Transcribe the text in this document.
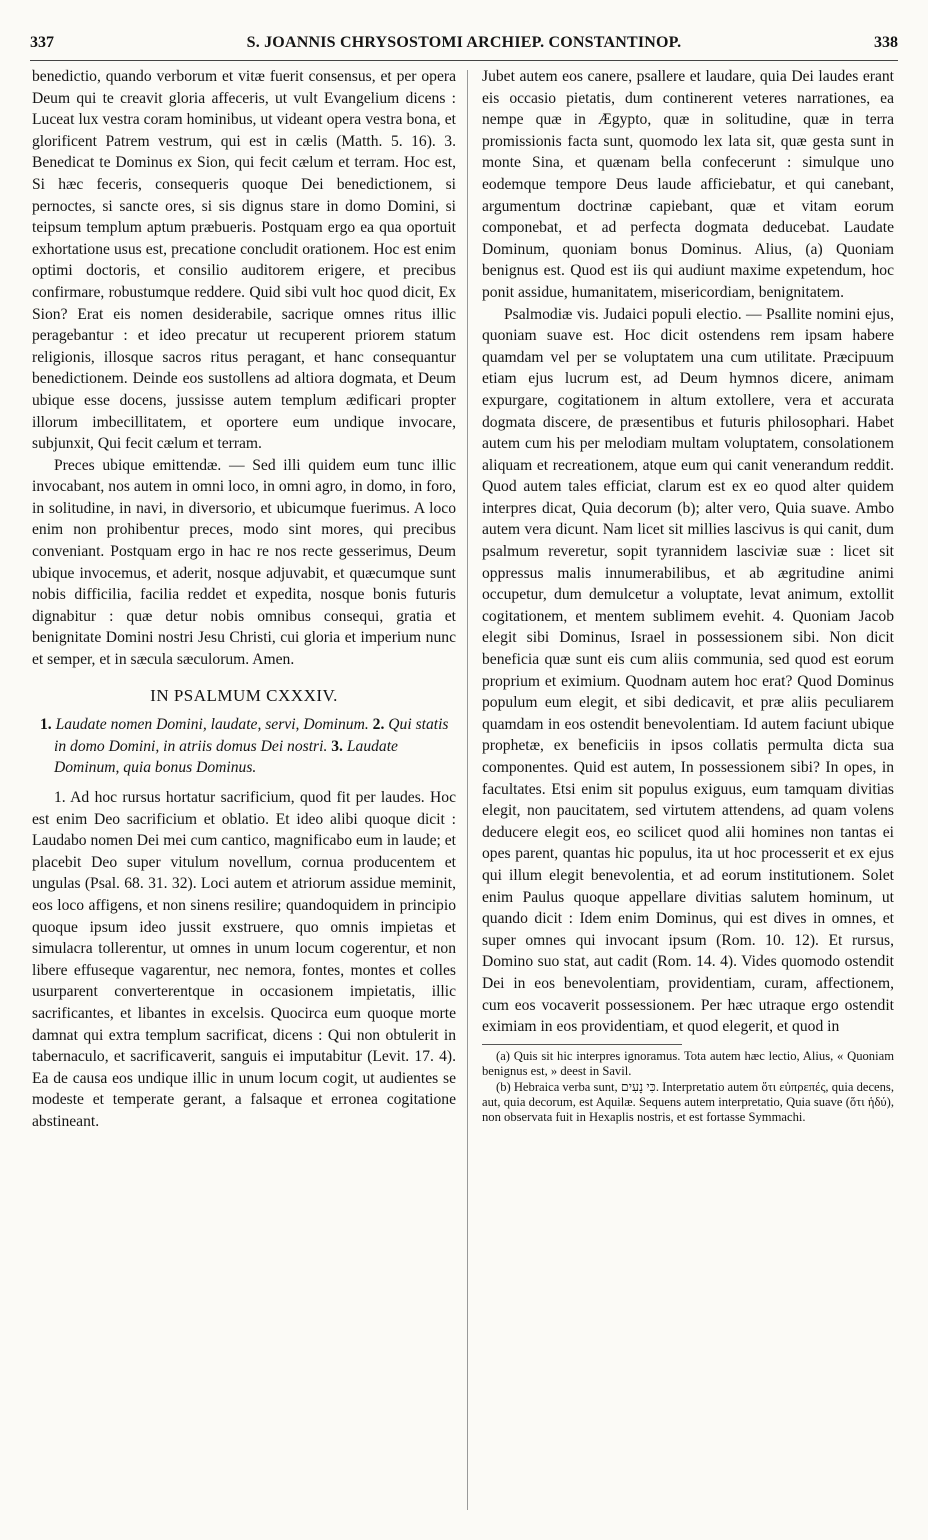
337	S. JOANNIS CHRYSOSTOMI ARCHIEP. CONSTANTINOP.	338

benedictio, quando verborum et vitæ fuerit consensus, et per opera Deum qui te creavit gloria affeceris, ut vult Evangelium dicens : Luceat lux vestra coram hominibus, ut videant opera vestra bona, et glorificent Patrem vestrum, qui est in cælis (Matth. 5. 16). 3. Benedicat te Dominus ex Sion, qui fecit cælum et terram. Hoc est, Si hæc feceris, consequeris quoque Dei benedictionem, si pernoctes, si sancte ores, si sis dignus stare in domo Domini, si teipsum templum aptum præbueris. Postquam ergo ea qua oportuit exhortatione usus est, precatione concludit orationem. Hoc est enim optimi doctoris, et consilio auditorem erigere, et precibus confirmare, robustumque reddere. Quid sibi vult hoc quod dicit, Ex Sion? Erat eis nomen desiderabile, sacrique omnes ritus illic peragebantur : et ideo precatur ut recuperent priorem statum religionis, illosque sacros ritus peragant, et hanc consequantur benedictionem. Deinde eos sustollens ad altiora dogmata, et Deum ubique esse docens, jussisse autem templum ædificari propter illorum imbecillitatem, et oportere eum undique invocare, subjunxit, Qui fecit cælum et terram.

Preces ubique emittendæ. — Sed illi quidem eum tunc illic invocabant, nos autem in omni loco, in omni agro, in domo, in foro, in solitudine, in navi, in diversorio, et ubicumque fuerimus. A loco enim non prohibentur preces, modo sint mores, qui precibus conveniant. Postquam ergo in hac re nos recte gesserimus, Deum ubique invocemus, et aderit, nosque adjuvabit, et quæcumque sunt nobis difficilia, facilia reddet et expedita, nosque bonis futuris dignabitur : quæ detur nobis omnibus consequi, gratia et benignitate Domini nostri Jesu Christi, cui gloria et imperium nunc et semper, et in sæcula sæculorum. Amen.

IN PSALMUM CXXXIV.
1. Laudate nomen Domini, laudate, servi, Dominum. 2. Qui statis in domo Domini, in atriis domus Dei nostri. 3. Laudate Dominum, quia bonus Dominus.

1. Ad hoc rursus hortatur sacrificium, quod fit per laudes. Hoc est enim Deo sacrificium et oblatio. Et ideo alibi quoque dicit : Laudabo nomen Dei mei cum cantico, magnificabo eum in laude; et placebit Deo super vitulum novellum, cornua producentem et ungulas (Psal. 68. 31. 32). Loci autem et atriorum assidue meminit, eos loco affigens, et non sinens resilire; quandoquidem in principio quoque ipsum ideo jussit exstruere, quo omnis impietas et simulacra tollerentur, ut omnes in unum locum cogerentur, et non libere effuseque vagarentur, nec nemora, fontes, montes et colles usurparent converterentque in occasionem impietatis, illic sacrificantes, et libantes in excelsis. Quocirca eum quoque morte damnat qui extra templum sacrificat, dicens : Qui non obtulerit in tabernaculo, et sacrificaverit, sanguis ei imputabitur (Levit. 17. 4). Ea de causa eos undique illic in unum locum cogit, ut audientes se modeste et temperate gerant, a falsaque et erronea cogitatione abstineant.

Jubet autem eos canere, psallere et laudare, quia Dei laudes erant eis occasio pietatis, dum continerent veteres narrationes, ea nempe quæ in Ægypto, quæ in solitudine, quæ in terra promissionis facta sunt, quomodo lex lata sit, quæ gesta sunt in monte Sina, et quænam bella confecerunt : simulque uno eodemque tempore Deus laude afficiebatur, et qui canebant, argumentum doctrinæ capiebant, quæ et vitam eorum componebat, et ad perfecta dogmata deducebat. Laudate Dominum, quoniam bonus Dominus. Alius, (a) Quoniam benignus est. Quod est iis qui audiunt maxime expetendum, hoc ponit assidue, humanitatem, misericordiam, benignitatem.

Psalmodiæ vis. Judaici populi electio. — Psallite nomini ejus, quoniam suave est. Hoc dicit ostendens rem ipsam habere quamdam vel per se voluptatem una cum utilitate. Præcipuum etiam ejus lucrum est, ad Deum hymnos dicere, animam expurgare, cogitationem in altum extollere, vera et accurata dogmata discere, de præsentibus et futuris philosophari. Habet autem cum his per melodiam multam voluptatem, consolationem aliquam et recreationem, atque eum qui canit venerandum reddit. Quod autem tales efficiat, clarum est ex eo quod alter quidem interpres dicat, Quia decorum (b); alter vero, Quia suave. Ambo autem vera dicunt. Nam licet sit millies lascivus is qui canit, dum psalmum reveretur, sopit tyrannidem lasciviæ suæ : licet sit oppressus malis innumerabilibus, et ab ægritudine animi occupetur, dum demulcetur a voluptate, levat animum, extollit cogitationem, et mentem sublimem evehit. 4. Quoniam Jacob elegit sibi Dominus, Israel in possessionem sibi. Non dicit beneficia quæ sunt eis cum aliis communia, sed quod est eorum proprium et eximium. Quodnam autem hoc erat? Quod Dominus populum eum elegit, et sibi dedicavit, et præ aliis peculiarem quamdam in eos ostendit benevolentiam. Id autem faciunt ubique prophetæ, ex beneficiis in ipsos collatis permulta dicta sua componentes. Quid est autem, In possessionem sibi? In opes, in facultates. Etsi enim sit populus exiguus, eum tamquam divitias elegit, non paucitatem, sed virtutem attendens, ad quam volens deducere elegit eos, eo scilicet quod alii homines non tantas ei opes parent, quantas hic populus, ita ut hoc processerit et ex ejus qui illum elegit benevolentia, et ad eorum institutionem. Solet enim Paulus quoque appellare divitias salutem hominum, ut quando dicit : Idem enim Dominus, qui est dives in omnes, et super omnes qui invocant ipsum (Rom. 10. 12). Et rursus, Domino suo stat, aut cadit (Rom. 14. 4). Vides quomodo ostendit Dei in eos benevolentiam, providentiam, curam, affectionem, cum eos vocaverit possessionem. Per hæc utraque ergo ostendit eximiam in eos providentiam, et quod elegerit, et quod in

(a) Quis sit hic interpres ignoramus. Tota autem hæc lectio, Alius, « Quoniam benignus est, » deest in Savil.

(b) Hebraica verba sunt, כִּי נָעִים. Interpretatio autem ὅτι εὐπρεπές, quia decens, aut, quia decorum, est Aquilæ. Sequens autem interpretatio, Quia suave (ὅτι ἡδύ), non observata fuit in Hexaplis nostris, et est fortasse Symmachi.
